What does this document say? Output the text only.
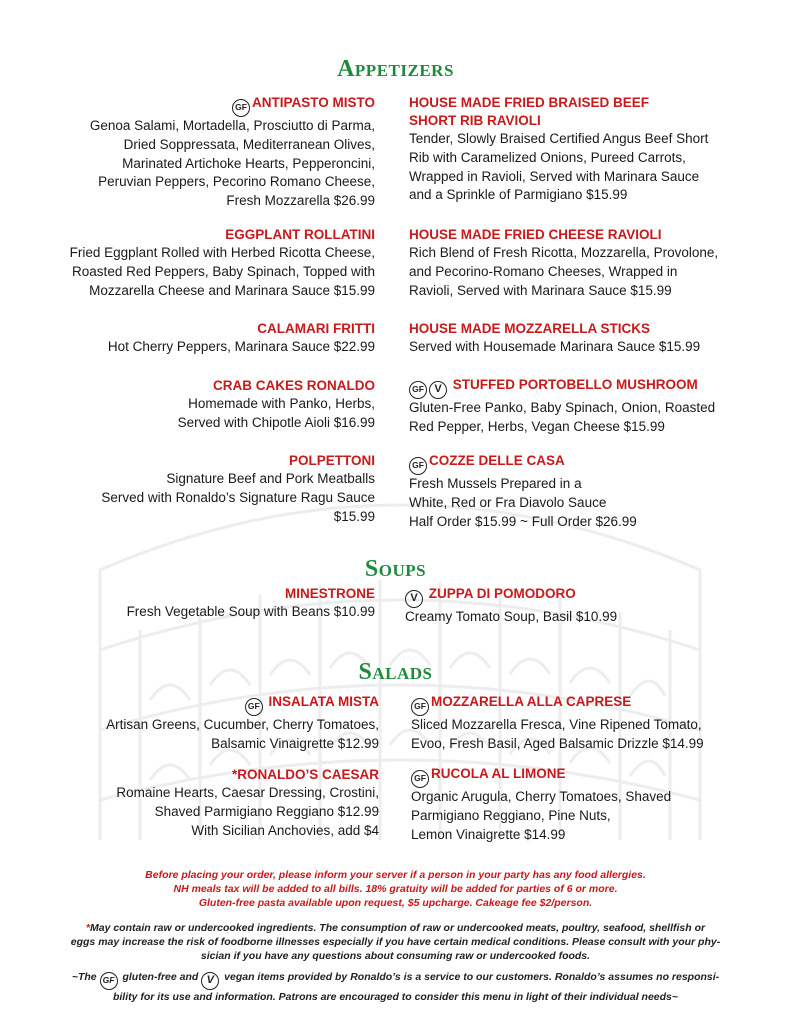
Appetizers

GF ANTIPASTO MISTO

Genoa Salami, Mortadella, Prosciutto di Parma,

Dried Soppressata, Mediterranean Olives,

Marinated Artichoke Hearts, Pepperoncini,

Peruvian Peppers, Pecorino Romano Cheese,

Fresh Mozzarella $26.99

EGGPLANT ROLLATINI

Fried Eggplant Rolled with Herbed Ricotta Cheese,

Roasted Red Peppers, Baby Spinach, Topped with

Mozzarella Cheese and Marinara Sauce $15.99

CALAMARI FRITTI

Hot Cherry Peppers, Marinara Sauce $22.99

CRAB CAKES RONALDO

Homemade with Panko, Herbs,

Served with Chipotle Aioli $16.99

POLPETTONI

Signature Beef and Pork Meatballs

Served with Ronaldo’s Signature Ragu Sauce

$15.99

HOUSE MADE FRIED BRAISED BEEF

SHORT RIB RAVIOLI

Tender, Slowly Braised Certified Angus Beef Short

Rib with Caramelized Onions, Pureed Carrots,

Wrapped in Ravioli, Served with Marinara Sauce

and a Sprinkle of Parmigiano $15.99

HOUSE MADE FRIED CHEESE RAVIOLI

Rich Blend of Fresh Ricotta, Mozzarella, Provolone,

and Pecorino-Romano Cheeses, Wrapped in

Ravioli, Served with Marinara Sauce $15.99

HOUSE MADE MOZZARELLA STICKS

Served with Housemade Marinara Sauce $15.99

GF V STUFFED PORTOBELLO MUSHROOM

Gluten-Free Panko, Baby Spinach, Onion, Roasted

Red Pepper, Herbs, Vegan Cheese $15.99

GF COZZE DELLE CASA

Fresh Mussels Prepared in a

White, Red or Fra Diavolo Sauce

Half Order $15.99 ~ Full Order $26.99

Soups

MINESTRONE

Fresh Vegetable Soup with Beans $10.99

V ZUPPA DI POMODORO

Creamy Tomato Soup, Basil $10.99

Salads

GF INSALATA MISTA

Artisan Greens, Cucumber, Cherry Tomatoes,

Balsamic Vinaigrette $12.99

*RONALDO’S CAESAR

Romaine Hearts, Caesar Dressing, Crostini,

Shaved Parmigiano Reggiano $12.99

With Sicilian Anchovies, add $4

GF MOZZARELLA ALLA CAPRESE

Sliced Mozzarella Fresca, Vine Ripened Tomato,

Evoo, Fresh Basil, Aged Balsamic Drizzle $14.99

GF RUCOLA AL LIMONE

Organic Arugula, Cherry Tomatoes, Shaved

Parmigiano Reggiano, Pine Nuts,

Lemon Vinaigrette $14.99

Before placing your order, please inform your server if a person in your party has any food allergies.

NH meals tax will be added to all bills. 18% gratuity will be added for parties of 6 or more.

Gluten-free pasta available upon request, $5 upcharge. Cakeage fee $2/person.

*May contain raw or undercooked ingredients. The consumption of raw or undercooked meats, poultry, seafood, shellfish or

eggs may increase the risk of foodborne illnesses especially if you have certain medical conditions. Please consult with your phy-

sician if you have any questions about consuming raw or undercooked foods.

~The GF gluten-free and V vegan items provided by Ronaldo’s is a service to our customers. Ronaldo’s assumes no responsi-

bility for its use and information. Patrons are encouraged to consider this menu in light of their individual needs~
